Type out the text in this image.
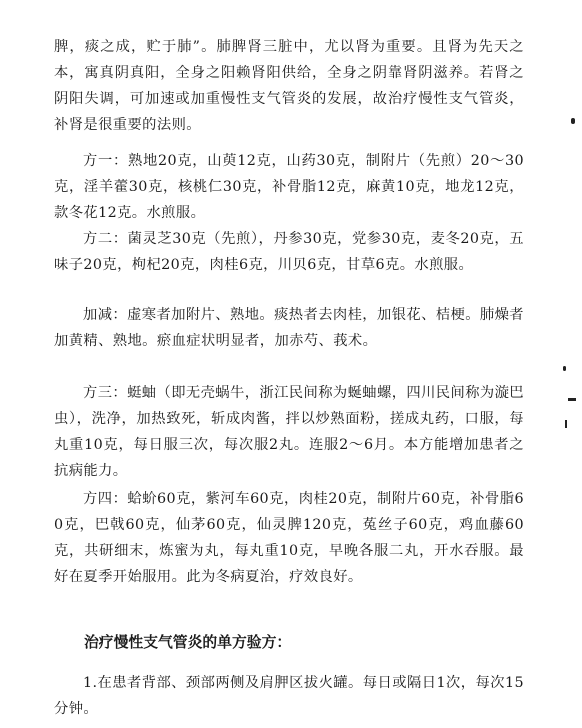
脾，痰之成，贮于肺”。肺脾肾三脏中，尤以肾为重要。且肾为先天之本，寓真阴真阳，全身之阳赖肾阳供给，全身之阴靠肾阴滋养。若肾之阴阳失调，可加速或加重慢性支气管炎的发展，故治疗慢性支气管炎，补肾是很重要的法则。

方一：熟地20克，山萸12克，山药30克，制附片（先煎）20～30克，淫羊藿30克，核桃仁30克，补骨脂12克，麻黄10克，地龙12克，款冬花12克。水煎服。

方二：菌灵芝30克（先煎），丹参30克，党参30克，麦冬20克，五味子20克，枸杞20克，肉桂6克，川贝6克，甘草6克。水煎服。

加减：虚寒者加附片、熟地。痰热者去肉桂，加银花、桔梗。肺燥者加黄精、熟地。瘀血症状明显者，加赤芍、莪术。

方三：蜓蚰（即无壳蜗牛，浙江民间称为蜒蚰螺，四川民间称为漩巴虫），洗净，加热致死，斩成肉酱，拌以炒熟面粉，搓成丸药，口服，每丸重10克，每日服三次，每次服2丸。连服2～6月。本方能增加患者之抗病能力。

方四：蛤蚧60克，紫河车60克，肉桂20克，制附片60克，补骨脂60克，巴戟60克，仙茅60克，仙灵脾120克，菟丝子60克，鸡血藤60克，共研细末，炼蜜为丸，每丸重10克，早晚各服二丸，开水吞服。最好在夏季开始服用。此为冬病夏治，疗效良好。

治疗慢性支气管炎的单方验方：

1.在患者背部、颈部两侧及肩胛区拔火罐。每日或隔日1次，每次15分钟。
